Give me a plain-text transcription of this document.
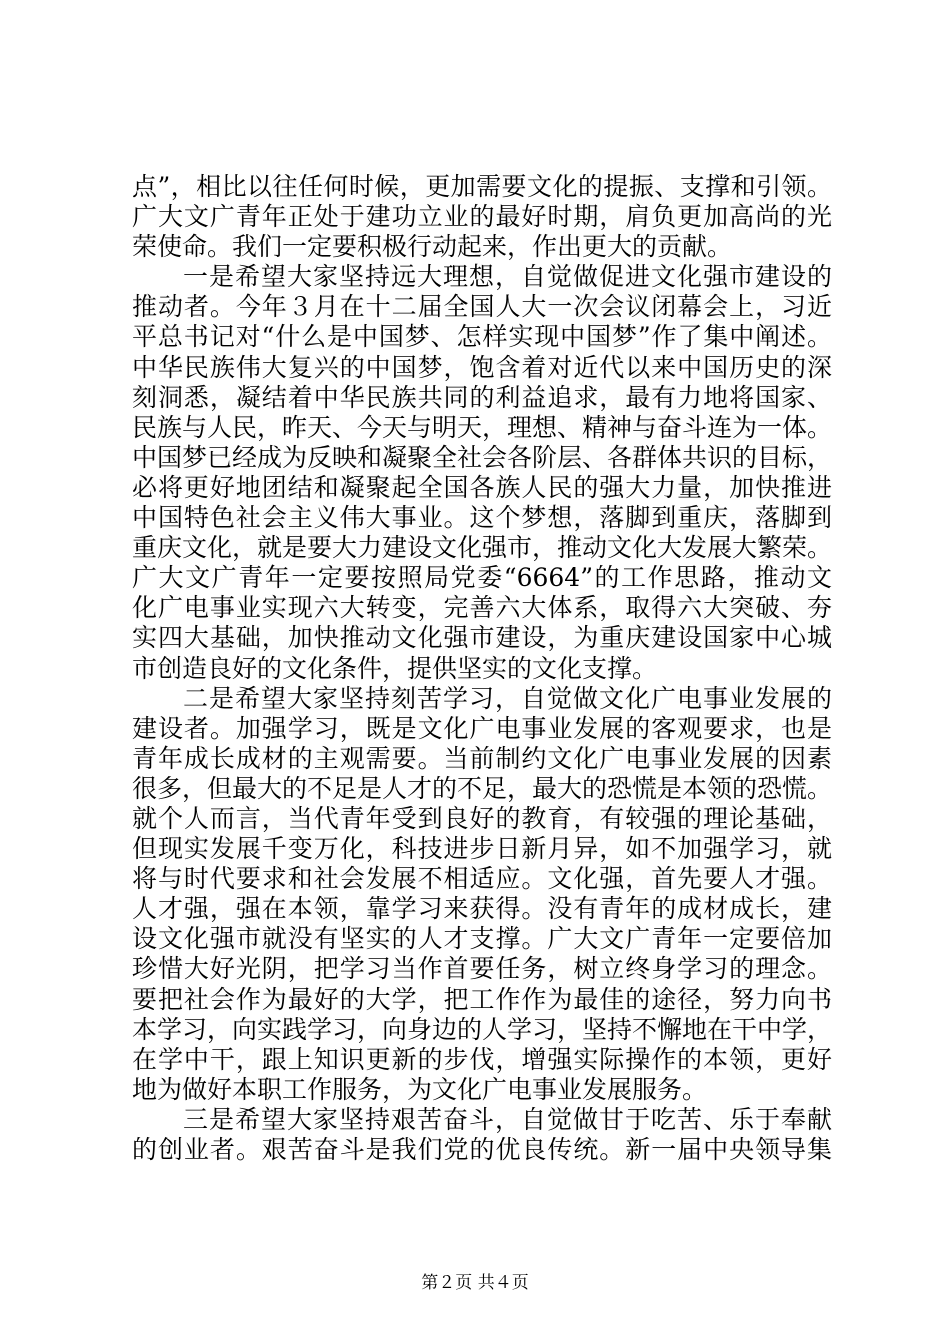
点”，相比以往任何时候，更加需要文化的提振、支撑和引领。
广大文广青年正处于建功立业的最好时期，肩负更加高尚的光
荣使命。我们一定要积极行动起来，作出更大的贡献。
一是希望大家坚持远大理想，自觉做促进文化强市建设的
推动者。今年３月在十二届全国人大一次会议闭幕会上，习近
平总书记对“什么是中国梦、怎样实现中国梦”作了集中阐述。
中华民族伟大复兴的中国梦，饱含着对近代以来中国历史的深
刻洞悉，凝结着中华民族共同的利益追求，最有力地将国家、
民族与人民，昨天、今天与明天，理想、精神与奋斗连为一体。
中国梦已经成为反映和凝聚全社会各阶层、各群体共识的目标，
必将更好地团结和凝聚起全国各族人民的强大力量，加快推进
中国特色社会主义伟大事业。这个梦想，落脚到重庆，落脚到
重庆文化，就是要大力建设文化强市，推动文化大发展大繁荣。
广大文广青年一定要按照局党委“6664”的工作思路，推动文
化广电事业实现六大转变，完善六大体系，取得六大突破、夯
实四大基础，加快推动文化强市建设，为重庆建设国家中心城
市创造良好的文化条件，提供坚实的文化支撑。
二是希望大家坚持刻苦学习，自觉做文化广电事业发展的
建设者。加强学习，既是文化广电事业发展的客观要求，也是
青年成长成材的主观需要。当前制约文化广电事业发展的因素
很多，但最大的不足是人才的不足，最大的恐慌是本领的恐慌。
就个人而言，当代青年受到良好的教育，有较强的理论基础，
但现实发展千变万化，科技进步日新月异，如不加强学习，就
将与时代要求和社会发展不相适应。文化强，首先要人才强。
人才强，强在本领，靠学习来获得。没有青年的成材成长，建
设文化强市就没有坚实的人才支撑。广大文广青年一定要倍加
珍惜大好光阴，把学习当作首要任务，树立终身学习的理念。
要把社会作为最好的大学，把工作作为最佳的途径，努力向书
本学习，向实践学习，向身边的人学习，坚持不懈地在干中学，
在学中干，跟上知识更新的步伐，增强实际操作的本领，更好
地为做好本职工作服务，为文化广电事业发展服务。
三是希望大家坚持艰苦奋斗，自觉做甘于吃苦、乐于奉献
的创业者。艰苦奋斗是我们党的优良传统。新一届中央领导集
第２页 共４页
